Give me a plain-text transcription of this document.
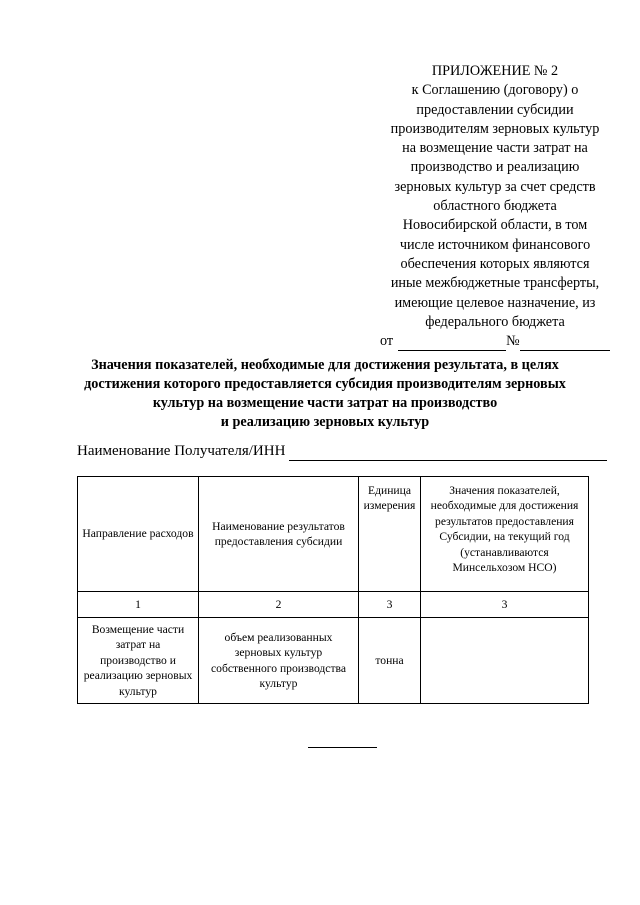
ПРИЛОЖЕНИЕ № 2
к Соглашению (договору) о
предоставлении субсидии
производителям зерновых культур
на возмещение части затрат на
производство и реализацию
зерновых культур за счет средств
областного бюджета
Новосибирской области, в том
числе источником финансового
обеспечения которых являются
иные межбюджетные трансферты,
имеющие целевое назначение, из
федерального бюджета
от	№
Значения показателей, необходимые для достижения результата, в целях
достижения которого предоставляется субсидия производителям зерновых
культур на возмещение части затрат на производство
и реализацию зерновых культур
Наименование Получателя/ИНН
Направление расходов	Наименование результатов предоставления субсидии	Единица измерения	Значения показателей, необходимые для достижения результатов предоставления Субсидии, на текущий год (устанавливаются Минсельхозом НСО)
1	2	3	3
Возмещение части затрат на производство и реализацию зерновых культур	объем реализованных зерновых культур собственного производства культур	тонна	
